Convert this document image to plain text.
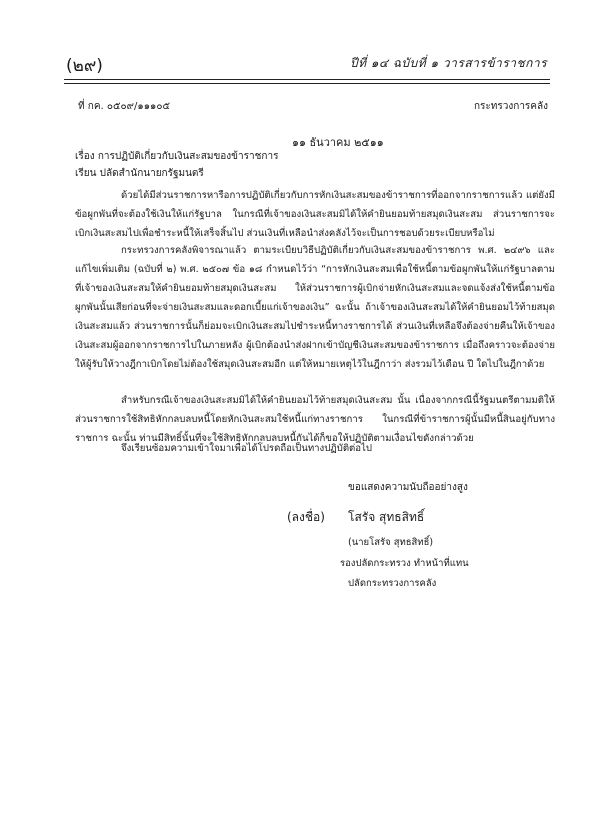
(๒๙)	ปีที่ ๑๔ ฉบับที่ ๑ วารสารข้าราชการ
ที่ กค. ๐๕๐๙/๑๑๑๐๕	กระทรวงการคลัง
๑๑ ธันวาคม ๒๕๑๑
เรื่อง การปฏิบัติเกี่ยวกับเงินสะสมของข้าราชการ
เรียน ปลัดสำนักนายกรัฐมนตรี
ด้วยได้มีส่วนราชการหารือการปฏิบัติเกี่ยวกับการหักเงินสะสมของข้าราชการที่ออกจากราชการแล้ว แต่ยังมีข้อผูกพันที่จะต้องใช้เงินให้แก่รัฐบาล ในกรณีที่เจ้าของเงินสะสมมิได้ให้คำยินยอมท้ายสมุดเงินสะสม ส่วนราชการจะเบิกเงินสะสมไปเพื่อชำระหนี้ให้เสร็จสิ้นไป ส่วนเงินที่เหลือนำส่งคลังไว้จะเป็นการชอบด้วยระเบียบหรือไม่
กระทรวงการคลังพิจารณาแล้ว ตามระเบียบวิธีปฏิบัติเกี่ยวกับเงินสะสมของข้าราชการ พ.ศ. ๒๔๙๖ และแก้ไขเพิ่มเติม (ฉบับที่ ๒) พ.ศ. ๒๕๐๗ ข้อ ๑๘ กำหนดไว้ว่า “การหักเงินสะสมเพื่อใช้หนี้ตามข้อผูกพันให้แก่รัฐบาลตามที่เจ้าของเงินสะสมให้คำยินยอมท้ายสมุดเงินสะสม ให้ส่วนราชการผู้เบิกจ่ายหักเงินสะสมและจดแจ้งส่งใช้หนี้ตามข้อผูกพันนั้นเสียก่อนที่จะจ่ายเงินสะสมและดอกเบี้ยแก่เจ้าของเงิน” ฉะนั้น ถ้าเจ้าของเงินสะสมได้ให้คำยินยอมไว้ท้ายสมุดเงินสะสมแล้ว ส่วนราชการนั้นก็ย่อมจะเบิกเงินสะสมไปชำระหนี้ทางราชการได้ ส่วนเงินที่เหลือจึงต้องจ่ายคืนให้เจ้าของเงินสะสมผู้ออกจากราชการไปในภายหลัง ผู้เบิกต้องนำส่งฝากเข้าบัญชีเงินสะสมของข้าราชการ เมื่อถึงคราวจะต้องจ่ายให้ผู้รับให้วางฎีกาเบิกโดยไม่ต้องใช้สมุดเงินสะสมอีก แต่ให้หมายเหตุไว้ในฎีกาว่า ส่งรวมไว้เดือน ปี ใดไปในฎีกาด้วย
สำหรับกรณีเจ้าของเงินสะสมมิได้ให้คำยินยอมไว้ท้ายสมุดเงินสะสม นั้น เนื่องจากกรณีนี้รัฐมนตรีตามมติให้ส่วนราชการใช้สิทธิหักกลบลบหนี้โดยหักเงินสะสมใช้หนี้แก่ทางราชการ ในกรณีที่ข้าราชการผู้นั้นมีหนี้สินอยู่กับทางราชการ ฉะนั้น ท่านมีสิทธิ์นั้นที่จะใช้สิทธิหักกลบลบหนี้กันได้ก็ขอให้ปฏิบัติตามเงื่อนไขดังกล่าวด้วย
จึงเรียนซ้อมความเข้าใจมาเพื่อได้โปรดถือเป็นทางปฏิบัติต่อไป
ขอแสดงความนับถืออย่างสูง
(ลงชื่อ) โสรัจ สุทธสิทธิ์
(นายโสรัจ สุทธสิทธิ์)
รองปลัดกระทรวง ทำหน้าที่แทน
ปลัดกระทรวงการคลัง
